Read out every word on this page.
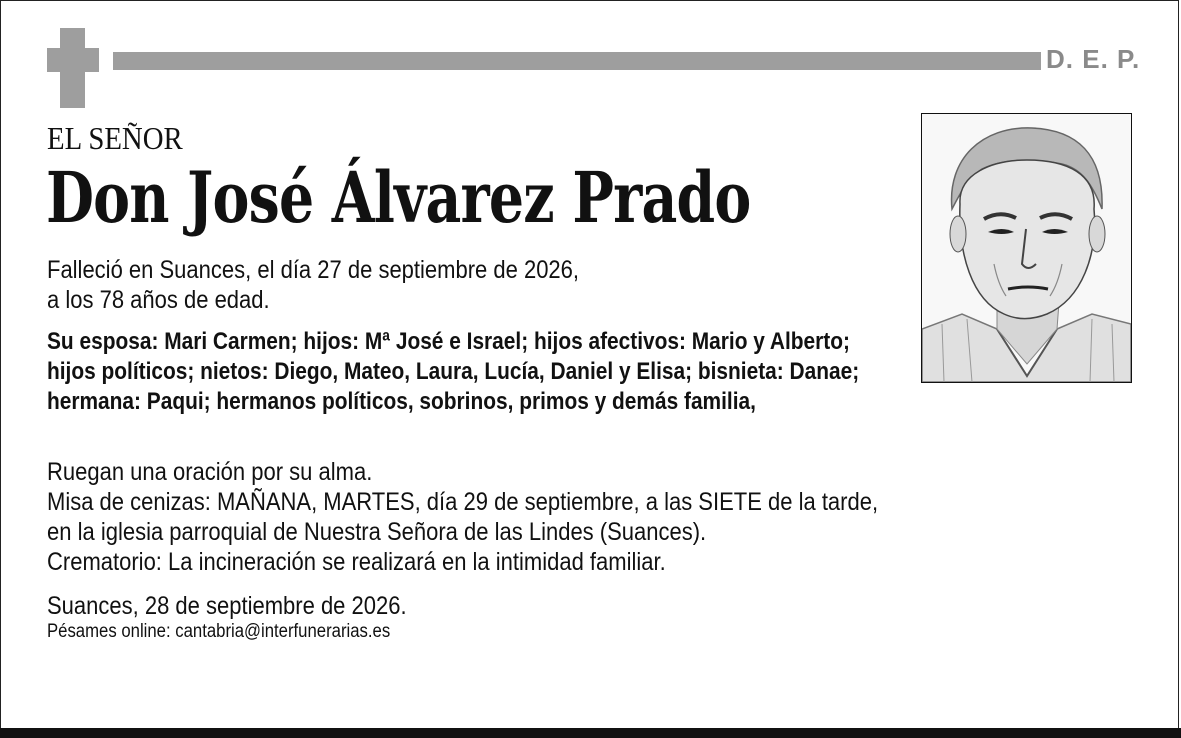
D. E. P.
EL SEÑOR
Don José Álvarez Prado
Falleció en Suances, el día 27 de septiembre de 2026,
a los 78 años de edad.
Su esposa: Mari Carmen; hijos: Mª José e Israel; hijos afectivos: Mario y Alberto; hijos políticos; nietos: Diego, Mateo, Laura, Lucía, Daniel y Elisa; bisnieta: Danae; hermana: Paqui; hermanos políticos, sobrinos, primos y demás familia,
Ruegan una oración por su alma.
Misa de cenizas: MAÑANA, MARTES, día 29 de septiembre, a las SIETE de la tarde,
en la iglesia parroquial de Nuestra Señora de las Lindes (Suances).
Crematorio: La incineración se realizará en la intimidad familiar.
Suances, 28 de septiembre de 2026.
Pésames online: cantabria@interfunerarias.es
